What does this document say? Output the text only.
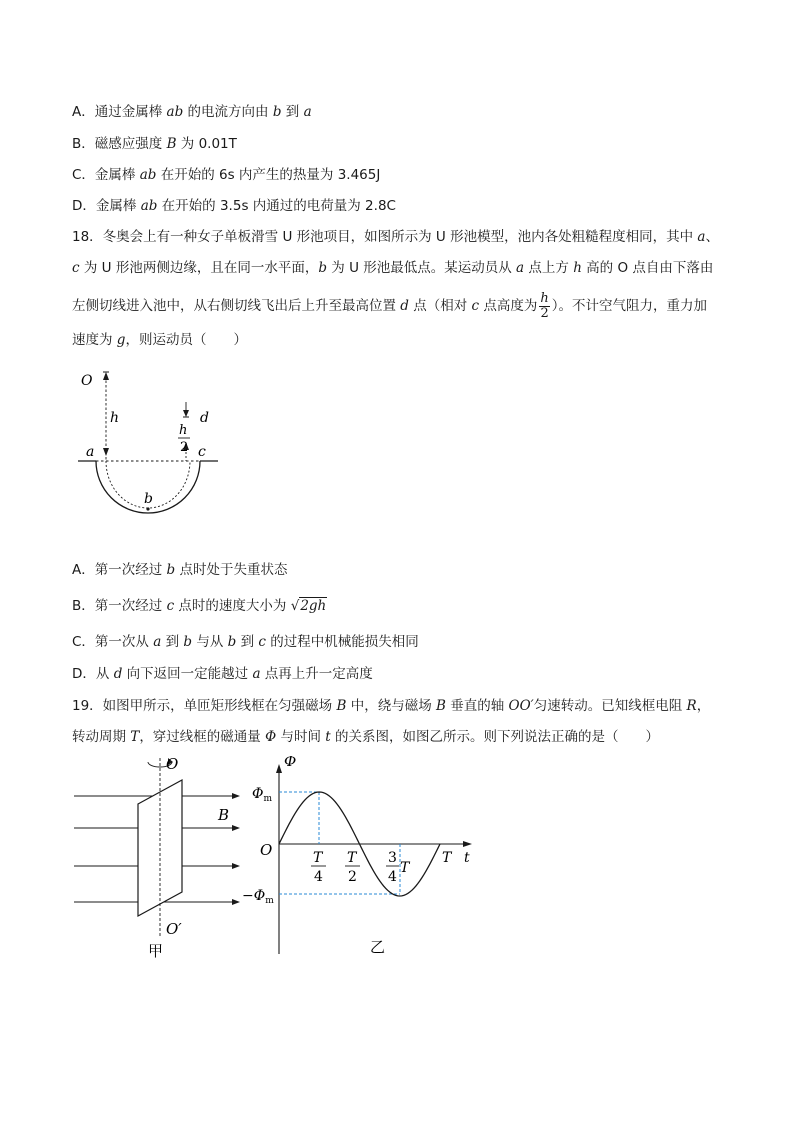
A．通过金属棒 ab 的电流方向由 b 到 a
B．磁感应强度 B 为 0.01T
C．金属棒 ab 在开始的 6s 内产生的热量为 3.465J
D．金属棒 ab 在开始的 3.5s 内通过的电荷量为 2.8C
18．冬奥会上有一种女子单板滑雪 U 形池项目，如图所示为 U 形池模型，池内各处粗糙程度相同，其中 a、
c 为 U 形池两侧边缘，且在同一水平面，b 为 U 形池最低点。某运动员从 a 点上方 h 高的 O 点自由下落由
左侧切线进入池中，从右侧切线飞出后上升至最高位置 d 点（相对 c 点高度为 $\frac{h}{2}$ ）。不计空气阻力，重力加
速度为 g，则运动员（　　）
O
h	d
h
2
a	c
b
A．第一次经过 b 点时处于失重状态
B．第一次经过 c 点时的速度大小为 √2gh
C．第一次从 a 到 b 与从 b 到 c 的过程中机械能损失相同
D．从 d 向下返回一定能越过 a 点再上升一定高度
19．如图甲所示，单匝矩形线框在匀强磁场 B 中，绕与磁场 B 垂直的轴 OO′匀速转动。已知线框电阻 R，
转动周期 T，穿过线框的磁通量 Φ 与时间 t 的关系图，如图乙所示。则下列说法正确的是（　　）
O
O′
B
甲
Φ
$\Phi_m$
O
$-\Phi_m$
T
4
T
2
3
4
T
T t
乙
